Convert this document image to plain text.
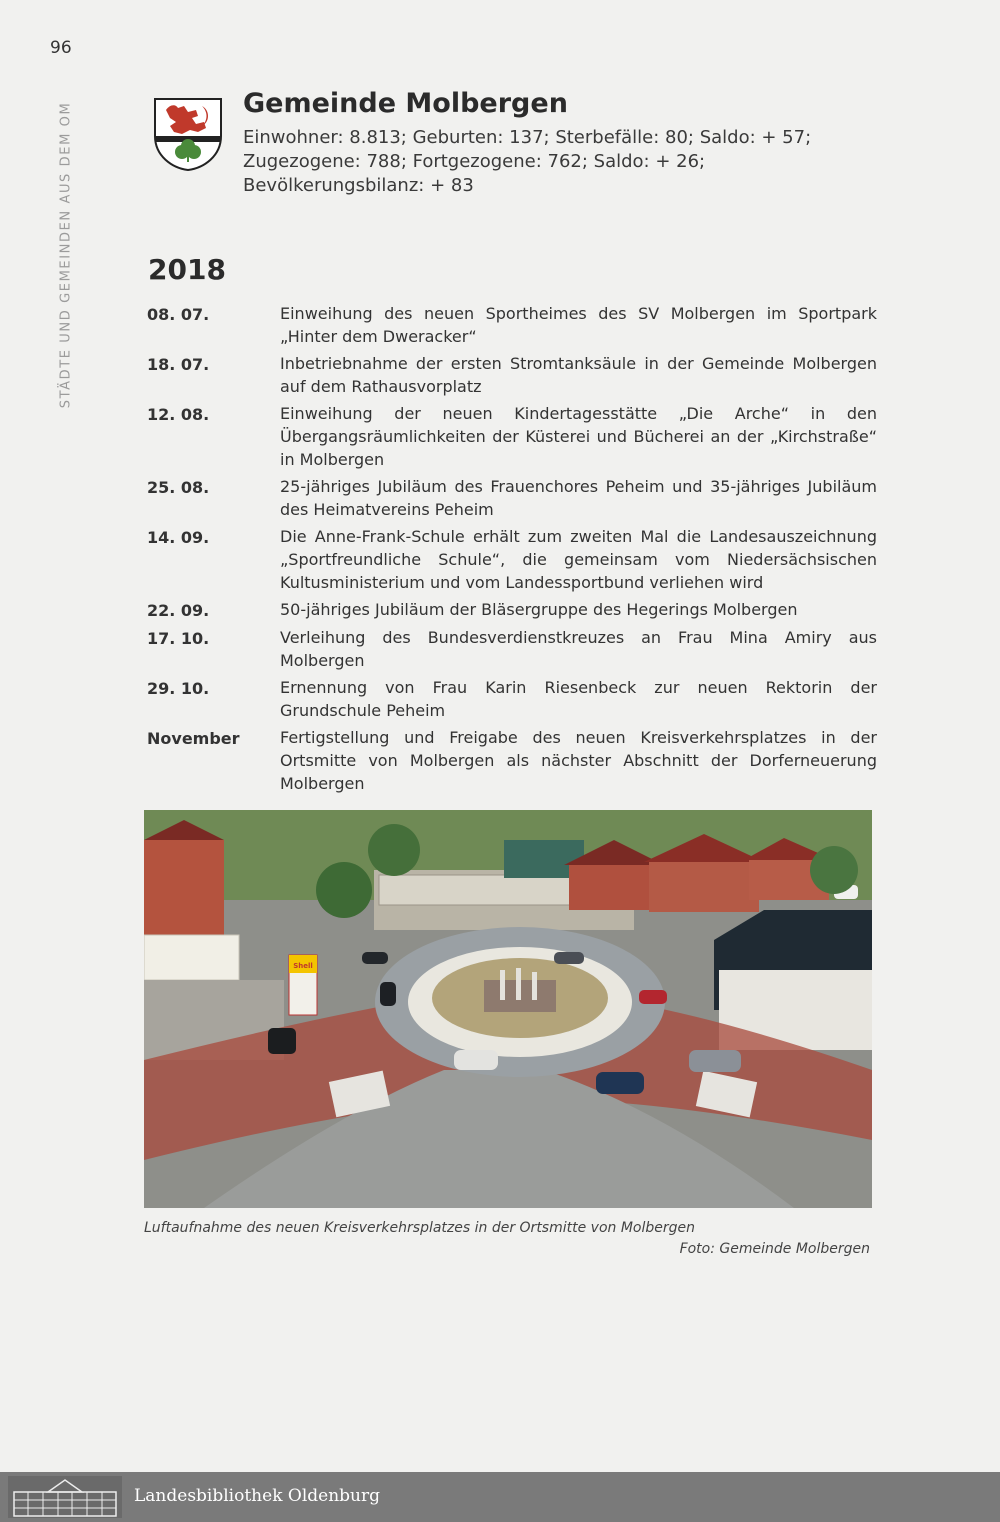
96
STÄDTE UND GEMEINDEN AUS DEM OM	Gemeinde Molbergen
Einwohner: 8.813; Geburten: 137; Sterbefälle: 80; Saldo: + 57;
Zugezogene: 788; Fortgezogene: 762; Saldo: + 26;
Bevölkerungsbilanz: + 83
2018
08. 07.	Einweihung des neuen Sportheimes des SV Molbergen im Sportpark „Hinter dem Dweracker“
18. 07.	Inbetriebnahme der ersten Stromtanksäule in der Gemeinde Molbergen auf dem Rathausvorplatz
12. 08.	Einweihung der neuen Kindertagesstätte „Die Arche“ in den Übergangsräumlichkeiten der Küsterei und Bücherei an der „Kirchstraße“ in Molbergen
25. 08.	25-jähriges Jubiläum des Frauenchores Peheim und 35-jähriges Jubiläum des Heimatvereins Peheim
14. 09.	Die Anne-Frank-Schule erhält zum zweiten Mal die Landesauszeichnung „Sportfreundliche Schule“, die gemeinsam vom Niedersächsischen Kultusministerium und vom Landessportbund verliehen wird
22. 09.	50-jähriges Jubiläum der Bläsergruppe des Hegerings Molbergen
17. 10.	Verleihung des Bundesverdienstkreuzes an Frau Mina Amiry aus Molbergen
29. 10.	Ernennung von Frau Karin Riesenbeck zur neuen Rektorin der Grundschule Peheim
November	Fertigstellung und Freigabe des neuen Kreisverkehrsplatzes in der Ortsmitte von Molbergen als nächster Abschnitt der Dorferneuerung Molbergen
Shell
Luftaufnahme des neuen Kreisverkehrsplatzes in der Ortsmitte von Molbergen
Foto: Gemeinde Molbergen
Landesbibliothek Oldenburg
